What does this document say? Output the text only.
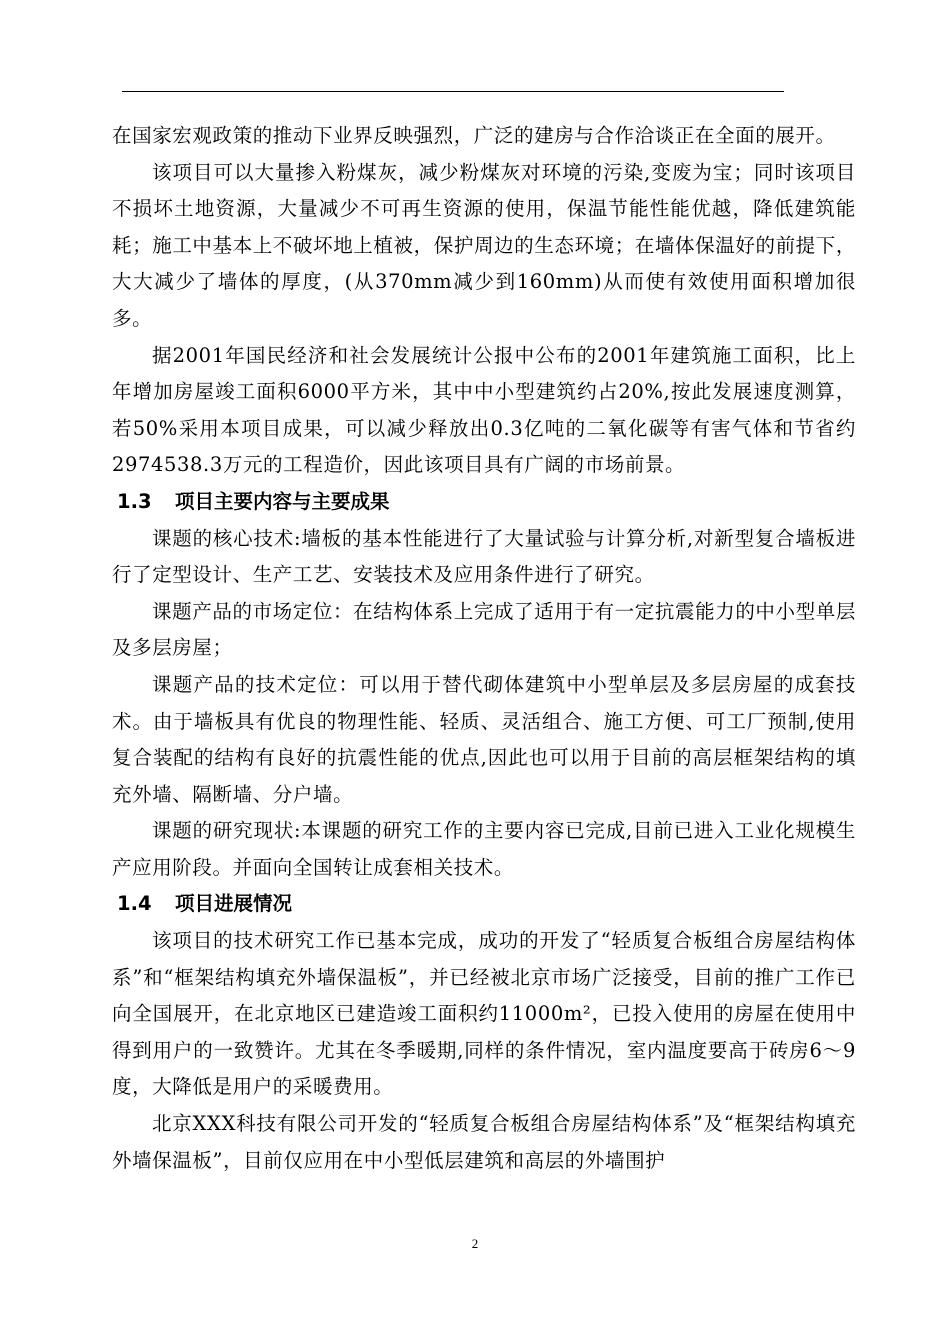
在国家宏观政策的推动下业界反映强烈，广泛的建房与合作洽谈正在全面的展开。

该项目可以大量掺入粉煤灰，减少粉煤灰对环境的污染,变废为宝；同时该项目不损坏土地资源，大量减少不可再生资源的使用，保温节能性能优越，降低建筑能耗；施工中基本上不破坏地上植被，保护周边的生态环境；在墙体保温好的前提下，大大减少了墙体的厚度，(从370mm减少到160mm)从而使有效使用面积增加很多。

据2001年国民经济和社会发展统计公报中公布的2001年建筑施工面积，比上年增加房屋竣工面积6000平方米，其中中小型建筑约占20%,按此发展速度测算，若50%采用本项目成果，可以减少释放出0.3亿吨的二氧化碳等有害气体和节省约2974538.3万元的工程造价，因此该项目具有广阔的市场前景。

1.3 项目主要内容与主要成果

课题的核心技术:墙板的基本性能进行了大量试验与计算分析,对新型复合墙板进行了定型设计、生产工艺、安装技术及应用条件进行了研究。

课题产品的市场定位：在结构体系上完成了适用于有一定抗震能力的中小型单层及多层房屋；

课题产品的技术定位：可以用于替代砌体建筑中小型单层及多层房屋的成套技术。由于墙板具有优良的物理性能、轻质、灵活组合、施工方便、可工厂预制,使用复合装配的结构有良好的抗震性能的优点,因此也可以用于目前的高层框架结构的填充外墙、隔断墙、分户墙。

课题的研究现状:本课题的研究工作的主要内容已完成,目前已进入工业化规模生产应用阶段。并面向全国转让成套相关技术。

1.4 项目进展情况

该项目的技术研究工作已基本完成，成功的开发了“轻质复合板组合房屋结构体系”和“框架结构填充外墙保温板”，并已经被北京市场广泛接受，目前的推广工作已向全国展开，在北京地区已建造竣工面积约11000m²，已投入使用的房屋在使用中得到用户的一致赞许。尤其在冬季暖期,同样的条件情况，室内温度要高于砖房6～9度，大降低是用户的采暖费用。

北京XXX科技有限公司开发的“轻质复合板组合房屋结构体系”及“框架结构填充外墙保温板”，目前仅应用在中小型低层建筑和高层的外墙围护

2
